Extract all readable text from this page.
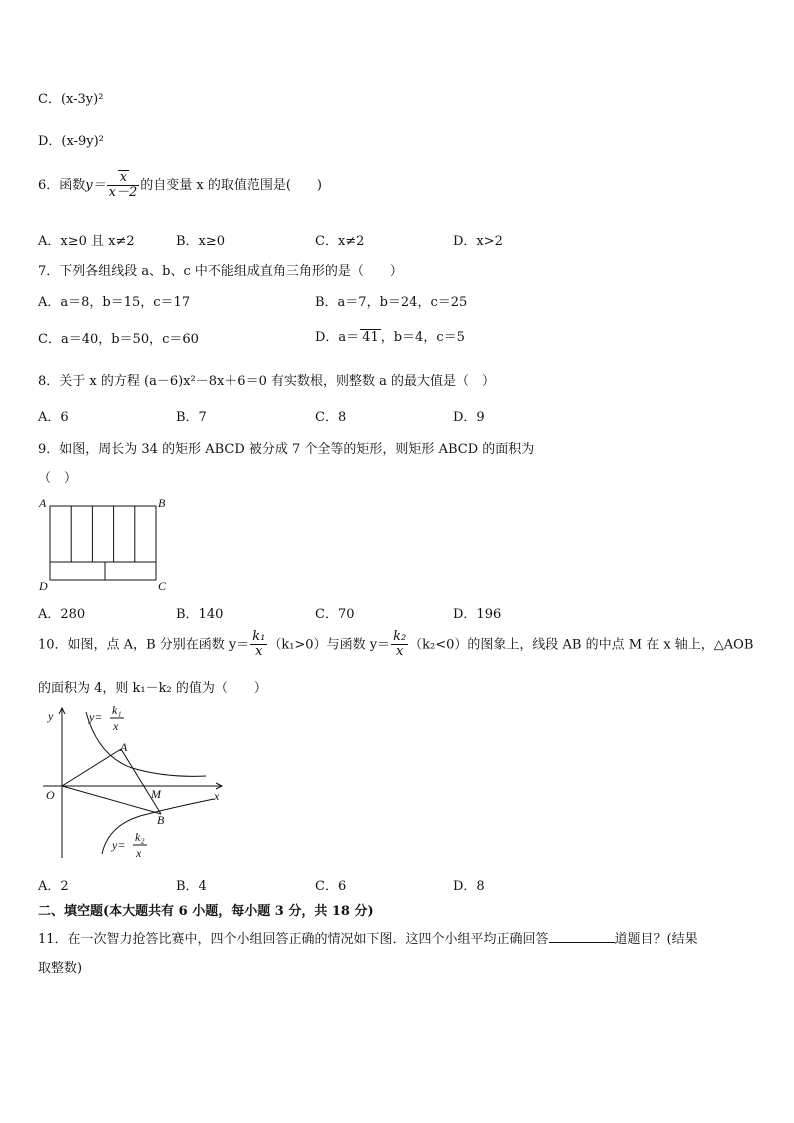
C．(x-3y)²
D．(x-9y)²
6．函数$y= \frac{x}{x-2}$ 的自变量 x 的取值范围是(　　)
A．x≥0 且 x≠2	B．x≥0	C．x≠2	D．x>2
7．下列各组线段 a、b、c 中不能组成直角三角形的是（　　）
A．a＝8，b＝15，c＝17	B．a＝7，b＝24，c＝25
C．a＝40，b＝50，c＝60	D．a＝ 41 ，b＝4，c＝5
8．关于 x 的方程 (a－6)x²－8x＋6＝0 有实数根，则整数 a 的最大值是（　）
A．6	B．7	C．8	D．9
9．如图，周长为 34 的矩形 ABCD 被分成 7 个全等的矩形，则矩形 ABCD 的面积为
（　）
A	B
C
D
A．280	B．140	C．70	D．196
10．如图，点 A，B 分别在函数 $y= \frac{\text{k₁}}{x} (k_1>0)$与函数 $y= \frac{\text{k₂}}{x} (k_2<0)$的图象上，线段 AB 的中点 M 在 x 轴上，△AOB
的面积为 4，则 k₁－k₂ 的值为（　　）
y
x
O
A
B
M
y= k₁
x
y=
k₂
x
A．2	B．4	C．6	D．8
二、填空题(本大题共有 6 小题，每小题 3 分，共 18 分)
11．在一次智力抢答比赛中，四个小组回答正确的情况如下图．这四个小组平均正确回答	道题目？(结果
取整数)
